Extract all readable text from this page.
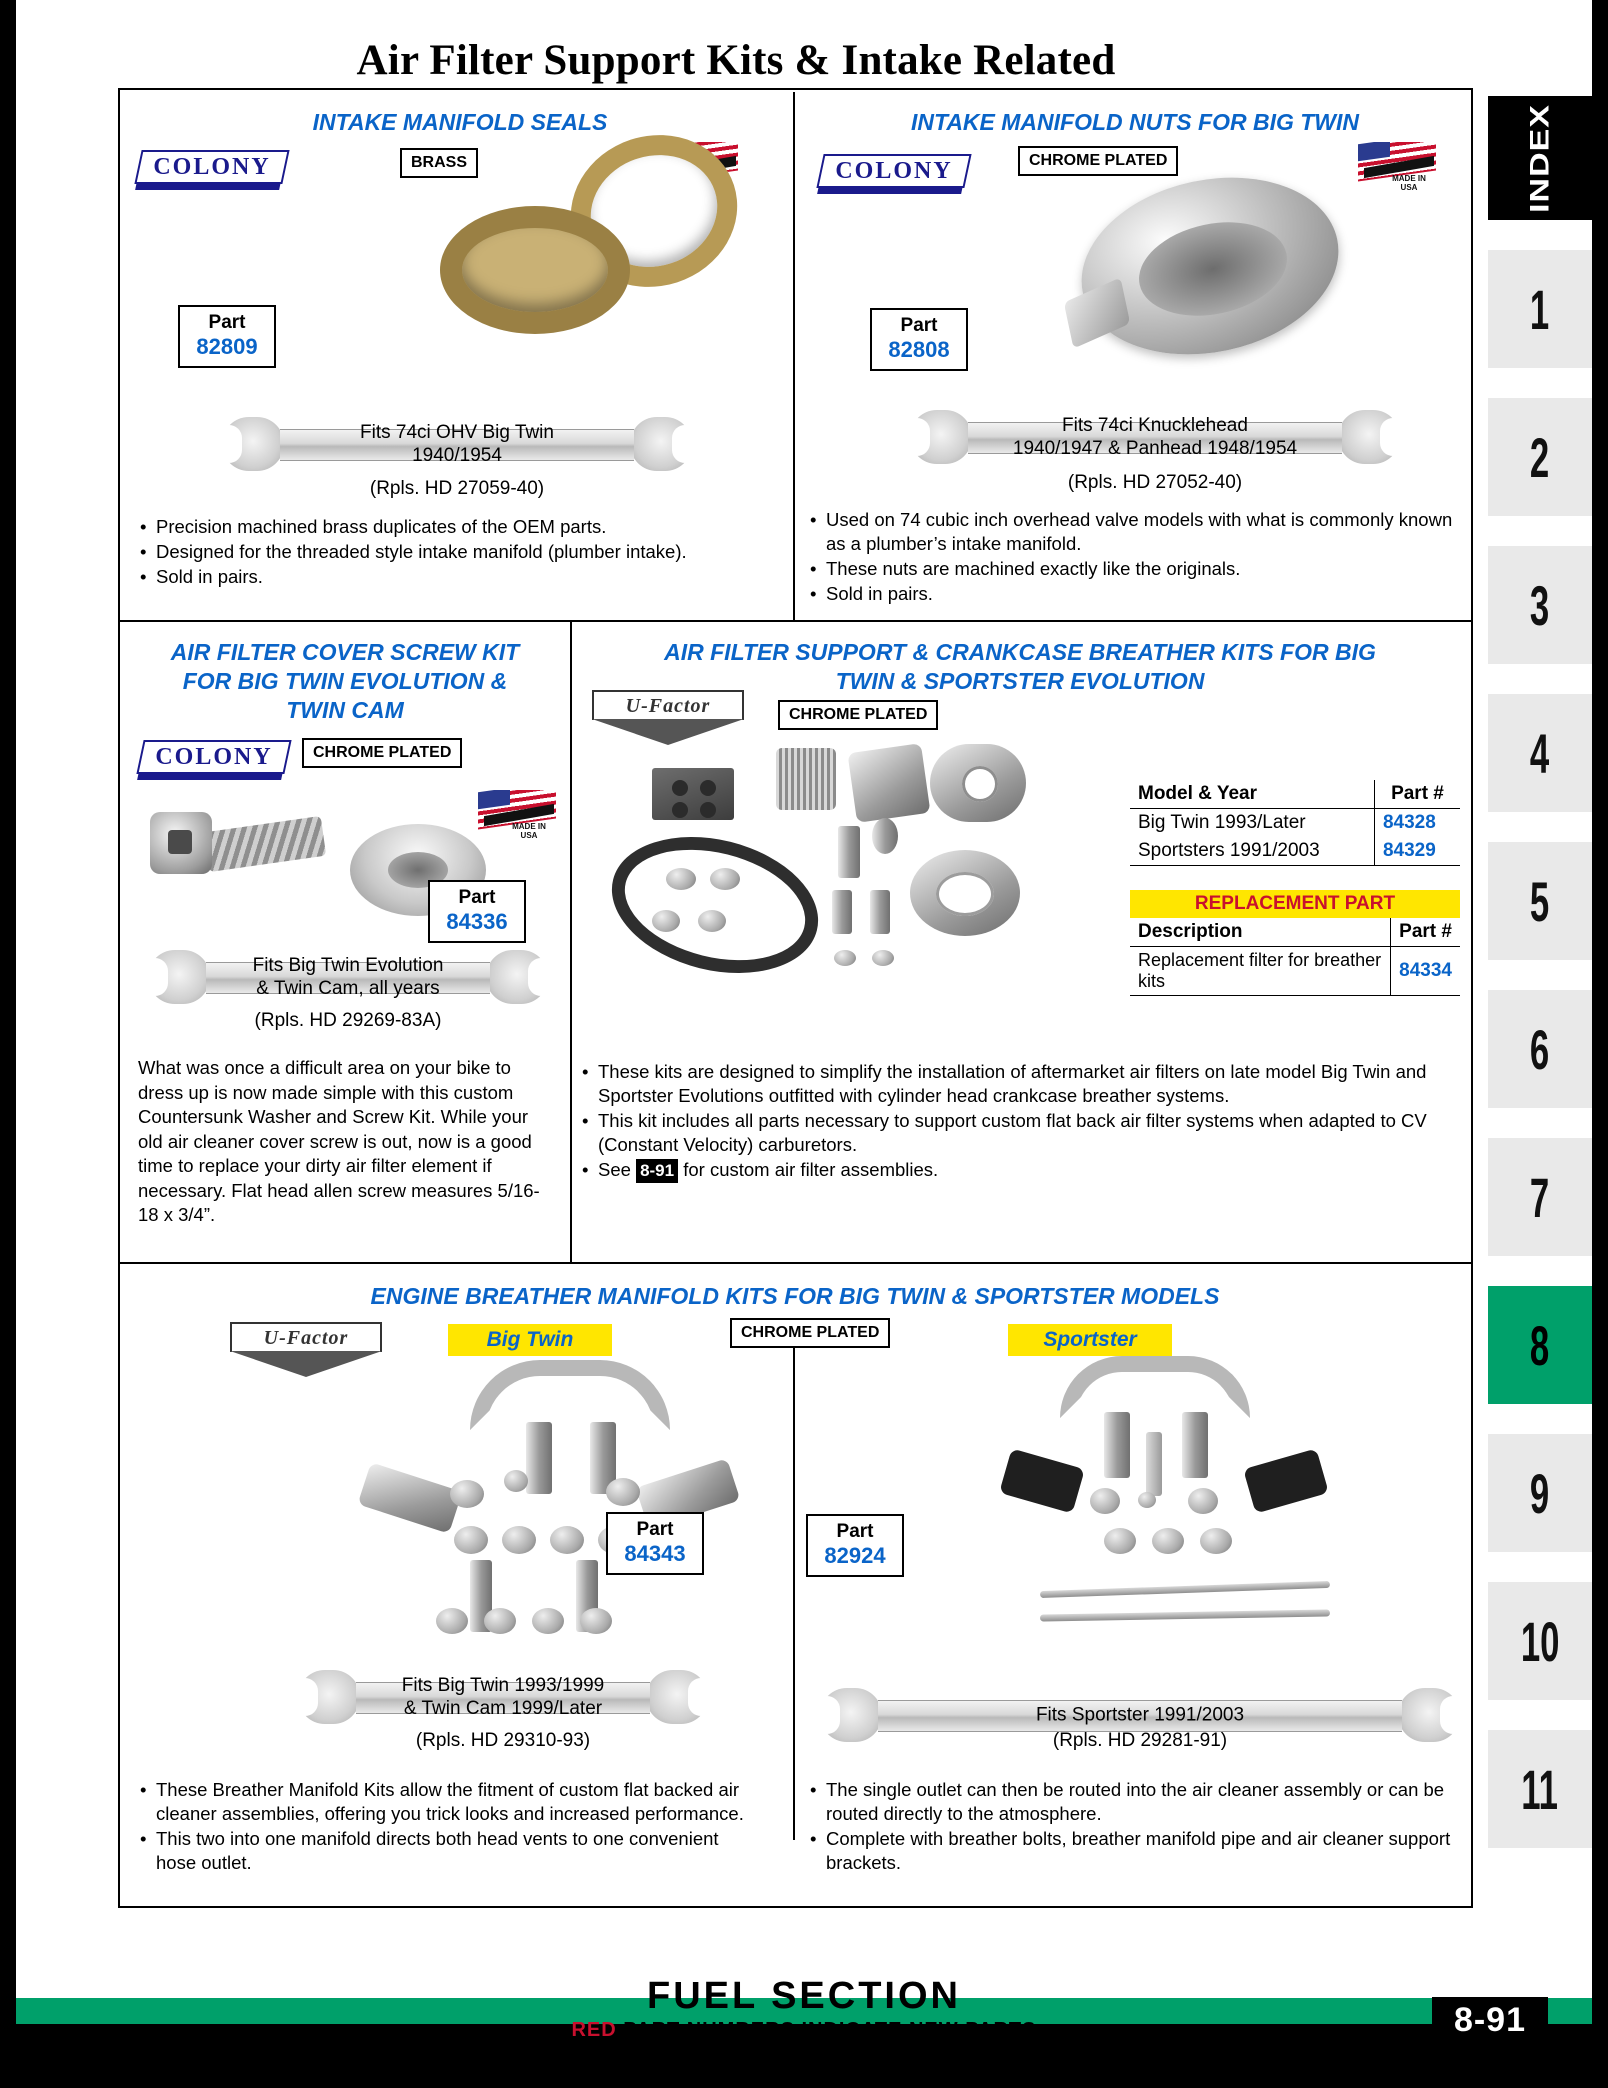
Air Filter Support Kits & Intake Related
INDEX
1
2
3
4
5
6
7
8
9
10
11
INTAKE MANIFOLD SEALS
COLONY	BRASS

Part
82809
Fits 74ci OHV Big Twin
1940/1954
(Rpls. HD 27059-40)
• Precision machined brass duplicates of the OEM parts.
• Designed for the threaded style intake manifold (plumber intake).
• Sold in pairs.
INTAKE MANIFOLD NUTS FOR BIG TWIN
COLONY	CHROME PLATED
MADE IN
USA
Part
82808
Fits 74ci Knucklehead
1940/1947 & Panhead 1948/1954
(Rpls. HD 27052-40)
• Used on 74 cubic inch overhead valve models with what is commonly known as a plumber’s intake manifold.
• These nuts are machined exactly like the originals.
• Sold in pairs.
AIR FILTER COVER SCREW KIT
FOR BIG TWIN EVOLUTION &
TWIN CAM
COLONY	CHROME PLATED
MADE IN
USA
Part
84336
Fits Big Twin Evolution
& Twin Cam, all years
(Rpls. HD 29269-83A)
What was once a difficult area on your bike to dress up is now made simple with this custom Countersunk Washer and Screw Kit. While your old air cleaner cover screw is out, now is a good time to replace your dirty air filter element if necessary. Flat head allen screw measures 5/16-18 x 3/4”.
AIR FILTER SUPPORT & CRANKCASE BREATHER KITS FOR BIG
TWIN & SPORTSTER EVOLUTION
U-Factor	CHROME PLATED
Model & Year	Part #
Big Twin 1993/Later	84328
Sportsters 1991/2003	84329
REPLACEMENT PART
Description	Part #
Replacement filter for breather kits	84334
• These kits are designed to simplify the installation of aftermarket air filters on late model Big Twin and Sportster Evolutions outfitted with cylinder head crankcase breather systems.
• This kit includes all parts necessary to support custom flat back air filter systems when adapted to CV (Constant Velocity) carburetors.
• See 8-91 for custom air filter assemblies.
ENGINE BREATHER MANIFOLD KITS FOR BIG TWIN & SPORTSTER MODELS
U-Factor	Big Twin	CHROME PLATED	Sportster
Part
84343
Fits Big Twin 1993/1999
& Twin Cam 1999/Later
(Rpls. HD 29310-93)
Part
82924
Fits Sportster 1991/2003
(Rpls. HD 29281-91)
• These Breather Manifold Kits allow the fitment of custom flat backed air cleaner assemblies, offering you trick looks and increased performance.
• This two into one manifold directs both head vents to one convenient hose outlet.
• The single outlet can then be routed into the air cleaner assembly or can be routed directly to the atmosphere.
• Complete with breather bolts, breather manifold pipe and air cleaner support brackets.
FUEL SECTION
RED PART NUMBERS INDICATE NEW PARTS	8-91
